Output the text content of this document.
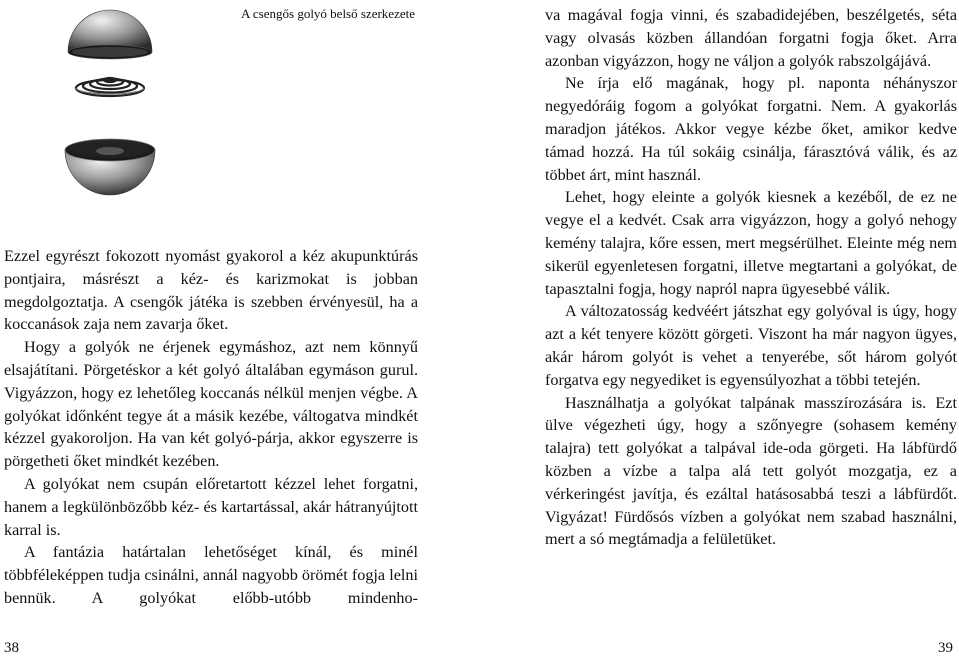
A csengős golyó belső szerkezete

Ezzel egyrészt fokozott nyomást gyakorol a kéz akupunktúrás pontjaira, másrészt a kéz- és karizmokat is jobban megdolgoztatja. A csengők játéka is szebben érvényesül, ha a koccanások zaja nem zavarja őket.

Hogy a golyók ne érjenek egymáshoz, azt nem könnyű elsajátítani. Pörgetéskor a két golyó általában egymáson gurul. Vigyázzon, hogy ez lehetőleg koccanás nélkül menjen végbe. A golyókat időnként tegye át a másik kezébe, váltogatva mindkét kézzel gyakoroljon. Ha van két golyó-párja, akkor egyszerre is pörgetheti őket mindkét kezében.

A golyókat nem csupán előretartott kézzel lehet forgatni, hanem a legkülönbözőbb kéz- és kartartással, akár hátranyújtott karral is.

A fantázia határtalan lehetőséget kínál, és minél többféleképpen tudja csinálni, annál nagyobb örömét fogja lelni bennük. A golyókat előbb-utóbb mindenho-

va magával fogja vinni, és szabadidejében, beszélgetés, séta vagy olvasás közben állandóan forgatni fogja őket. Arra azonban vigyázzon, hogy ne váljon a golyók rabszolgájává.

Ne írja elő magának, hogy pl. naponta néhányszor negyedóráig fogom a golyókat forgatni. Nem. A gyakorlás maradjon játékos. Akkor vegye kézbe őket, amikor kedve támad hozzá. Ha túl sokáig csinálja, fárasztóvá válik, és az többet árt, mint használ.

Lehet, hogy eleinte a golyók kiesnek a kezéből, de ez ne vegye el a kedvét. Csak arra vigyázzon, hogy a golyó nehogy kemény talajra, kőre essen, mert megsérülhet. Eleinte még nem sikerül egyenletesen forgatni, illetve megtartani a golyókat, de tapasztalni fogja, hogy napról napra ügyesebbé válik.

A változatosság kedvéért játszhat egy golyóval is úgy, hogy azt a két tenyere között görgeti. Viszont ha már nagyon ügyes, akár három golyót is vehet a tenyerébe, sőt három golyót forgatva egy negyediket is egyensúlyozhat a többi tetején.

Használhatja a golyókat talpának masszírozására is. Ezt ülve végezheti úgy, hogy a szőnyegre (sohasem kemény talajra) tett golyókat a talpával ide-oda görgeti. Ha lábfürdő közben a vízbe a talpa alá tett golyót mozgatja, ez a vérkeringést javítja, és ezáltal hatásosabbá teszi a lábfürdőt. Vigyázat! Fürdősós vízben a golyókat nem szabad használni, mert a só megtámadja a felületüket.

38	39
